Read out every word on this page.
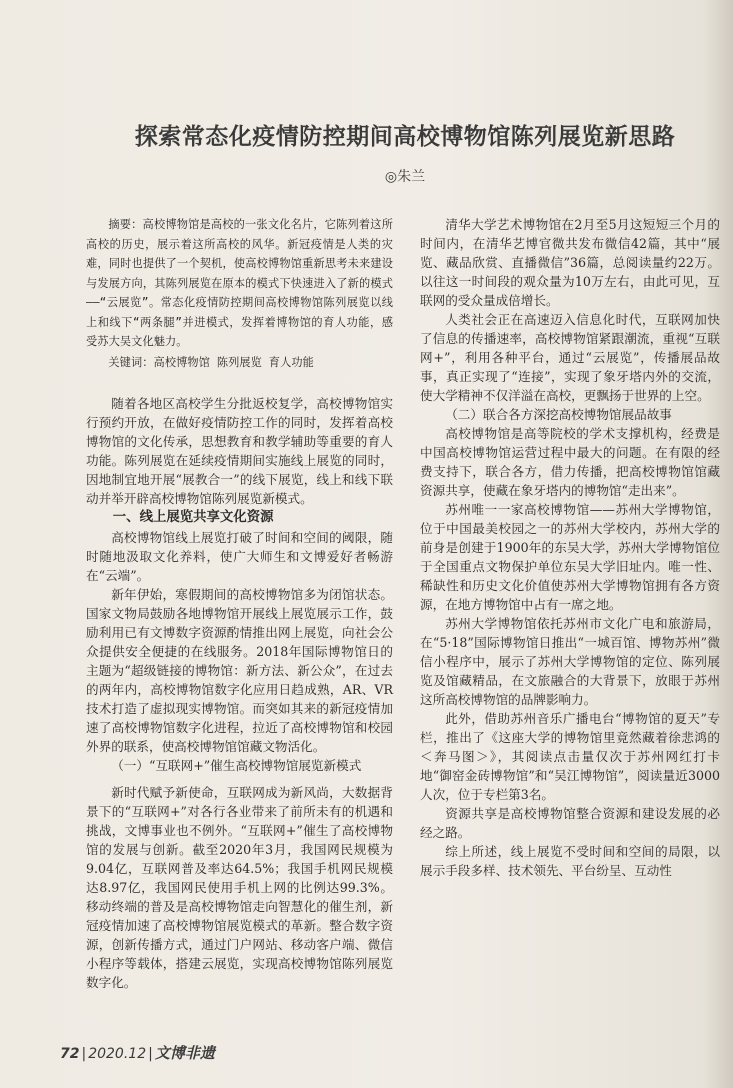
探索常态化疫情防控期间高校博物馆陈列展览新思路
◎朱兰

摘要：高校博物馆是高校的一张文化名片，它陈列着这所高校的历史，展示着这所高校的风华。新冠疫情是人类的灾难，同时也提供了一个契机，使高校博物馆重新思考未来建设与发展方向，其陈列展览在原本的模式下快速进入了新的模式——“云展览”。常态化疫情防控期间高校博物馆陈列展览以线上和线下“两条腿”并进模式，发挥着博物馆的育人功能，感受苏大吴文化魅力。

关键词：高校博物馆 陈列展览 育人功能

随着各地区高校学生分批返校复学，高校博物馆实行预约开放，在做好疫情防控工作的同时，发挥着高校博物馆的文化传承，思想教育和教学辅助等重要的育人功能。陈列展览在延续疫情期间实施线上展览的同时，因地制宜地开展“展教合一”的线下展览，线上和线下联动并举开辟高校博物馆陈列展览新模式。

一、线上展览共享文化资源

高校博物馆线上展览打破了时间和空间的阈限，随时随地汲取文化养料，使广大师生和文博爱好者畅游在“云端”。

新年伊始，寒假期间的高校博物馆多为闭馆状态。国家文物局鼓励各地博物馆开展线上展览展示工作，鼓励利用已有文博数字资源酌情推出网上展览，向社会公众提供安全便捷的在线服务。2018年国际博物馆日的主题为“超级链接的博物馆：新方法、新公众”，在过去的两年内，高校博物馆数字化应用日趋成熟，AR、VR技术打造了虚拟现实博物馆。而突如其来的新冠疫情加速了高校博物馆数字化进程，拉近了高校博物馆和校园外界的联系，使高校博物馆馆藏文物活化。

（一）“互联网+”催生高校博物馆展览新模式

新时代赋予新使命，互联网成为新风尚，大数据背景下的“互联网+”对各行各业带来了前所未有的机遇和挑战，文博事业也不例外。“互联网+”催生了高校博物馆的发展与创新。截至2020年3月，我国网民规模为9.04亿，互联网普及率达64.5%；我国手机网民规模达8.97亿，我国网民使用手机上网的比例达99.3%。移动终端的普及是高校博物馆走向智慧化的催生剂，新冠疫情加速了高校博物馆展览模式的革新。整合数字资源，创新传播方式，通过门户网站、移动客户端、微信小程序等载体，搭建云展览，实现高校博物馆陈列展览数字化。

清华大学艺术博物馆在2月至5月这短短三个月的时间内，在清华艺博官微共发布微信42篇，其中“展览、藏品欣赏、直播微信”36篇，总阅读量约22万。以往这一时间段的观众量为10万左右，由此可见，互联网的受众量成倍增长。

人类社会正在高速迈入信息化时代，互联网加快了信息的传播速率，高校博物馆紧跟潮流，重视“互联网+”，利用各种平台，通过“云展览”，传播展品故事，真正实现了“连接”，实现了象牙塔内外的交流，使大学精神不仅洋溢在高校，更飘扬于世界的上空。

（二）联合各方深挖高校博物馆展品故事

高校博物馆是高等院校的学术支撑机构，经费是中国高校博物馆运营过程中最大的问题。在有限的经费支持下，联合各方，借力传播，把高校博物馆馆藏资源共享，使藏在象牙塔内的博物馆“走出来”。

苏州唯一一家高校博物馆——苏州大学博物馆，位于中国最美校园之一的苏州大学校内，苏州大学的前身是创建于1900年的东吴大学，苏州大学博物馆位于全国重点文物保护单位东吴大学旧址内。唯一性、稀缺性和历史文化价值使苏州大学博物馆拥有各方资源，在地方博物馆中占有一席之地。

苏州大学博物馆依托苏州市文化广电和旅游局，在“5·18”国际博物馆日推出“一城百馆、博物苏州”微信小程序中，展示了苏州大学博物馆的定位、陈列展览及馆藏精品，在文旅融合的大背景下，放眼于苏州这所高校博物馆的品牌影响力。

此外，借助苏州音乐广播电台“博物馆的夏天”专栏，推出了《这座大学的博物馆里竟然藏着徐悲鸿的＜奔马图＞》，其阅读点击量仅次于苏州网红打卡地“御窑金砖博物馆”和“吴江博物馆”，阅读量近3000人次，位于专栏第3名。

资源共享是高校博物馆整合资源和建设发展的必经之路。

综上所述，线上展览不受时间和空间的局限，以展示手段多样、技术领先、平台纷呈、互动性

72 | 2020.12 | 文博非遗
